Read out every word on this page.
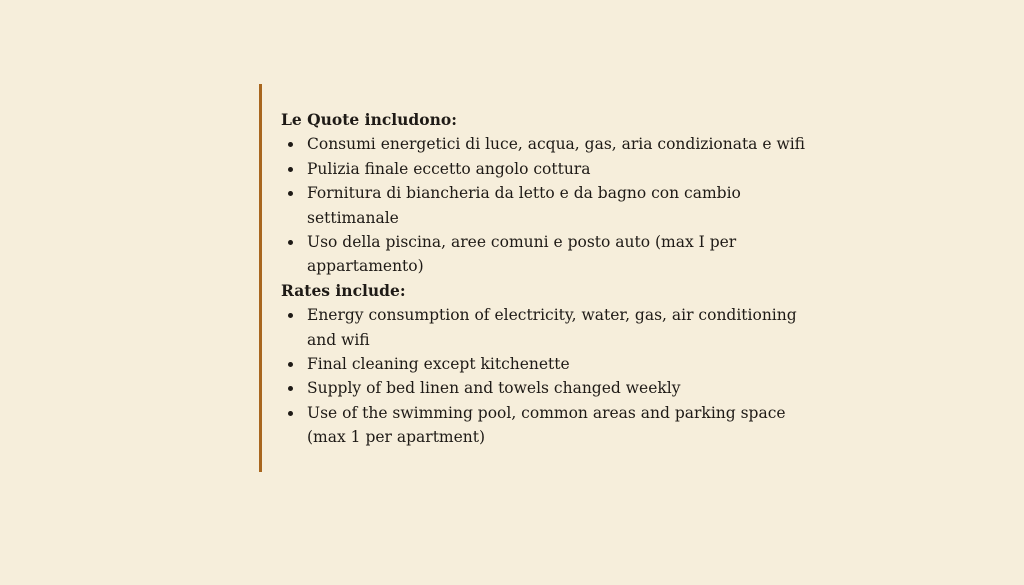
Le Quote includono:

Consumi energetici di luce, acqua, gas, aria condizionata e wifi
Pulizia finale eccetto angolo cottura
Fornitura di biancheria da letto e da bagno con cambio settimanale
Uso della piscina, aree comuni e posto auto (max I per appartamento)

Rates include:

Energy consumption of electricity, water, gas, air conditioning and wifi
Final cleaning except kitchenette
Supply of bed linen and towels changed weekly
Use of the swimming pool, common areas and parking space (max 1 per apartment)
